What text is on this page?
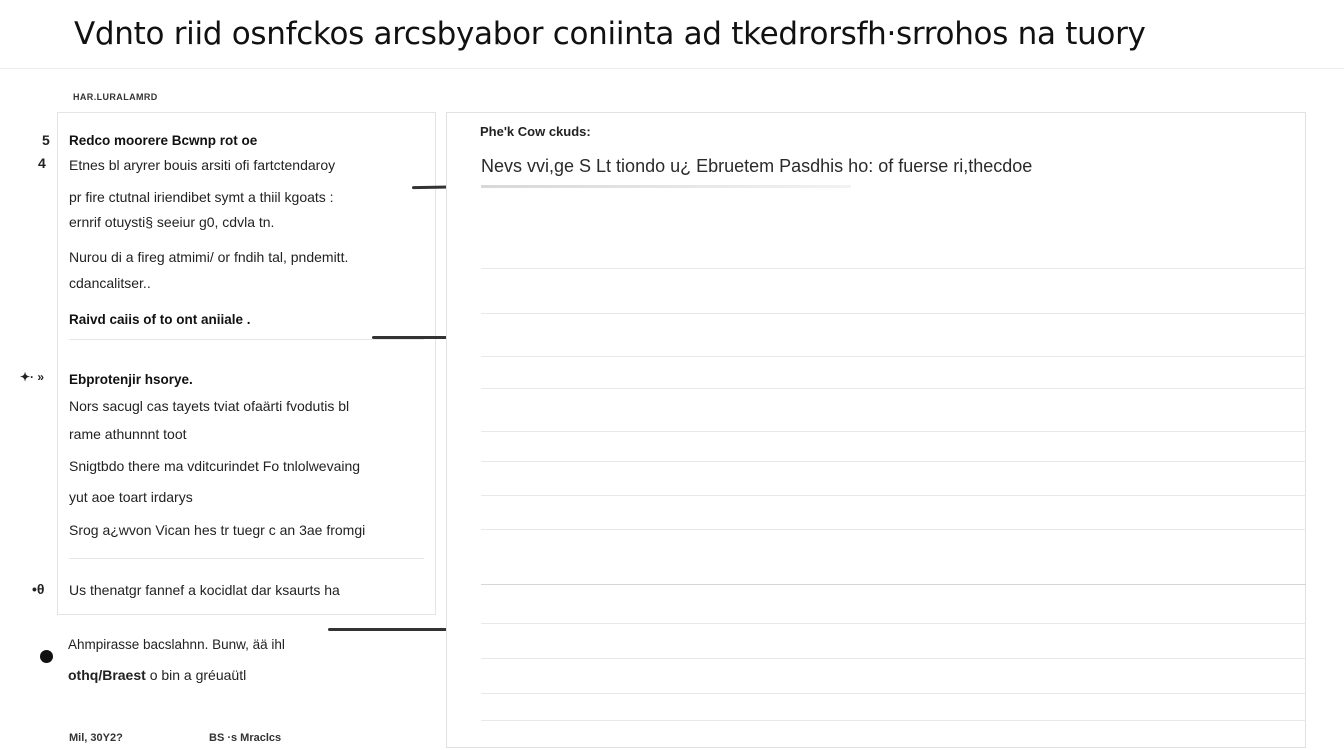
Vdnto riid osnfckos arcsbyabor coniinta ad tkedrorsfh·srrohos na tuory
HAR.LURALAMRD
Redco moorere Bcwnp rot oe
Etnes bl aryrer bouis arsiti ofi fartctendaroy
pr fire ctutnal iriendibet symt a thiil kgoats :
ernrif otuysti§ seeiur g0, cdvla tn.
Nurou di a fireg atmimi/ or fndih tal, pndemitt.
cdancalitser..
Raivd caiis of to ont aniiale .
Ebprotenjir hsorye.
Nors sacugl cas tayets tviat ofaärti fvodutis bl
rame athunnnt toot
Snigtbdo there ma vditcurindet Fo tnlolwevaing
yut aoe toart irdarys
Srog a¿wvon Vican hes tr tuegr c an 3ae fromgi
Us thenatgr fannef a kocidlat dar ksaurts ha
5
4
✦· »
•θ
Ahmpirasse bacslahnn. Bunw, ää ihl
othq/Braest o bin a gréuaütl
Mil, 30Y2?	BS ·s Mraclcs
Phe'k Cow ckuds:
Nevs vvi,ge S Lt tiondo u¿ Ebruetem Pasdhis ho: of fuerse ri,thecdoe
